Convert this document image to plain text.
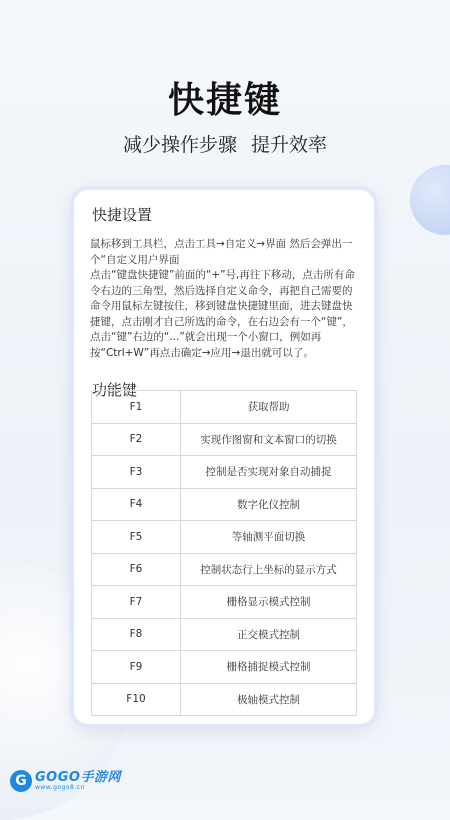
快捷键
减少操作步骤 提升效率
快捷设置
鼠标移到工具栏，点击工具→自定义→界面 然后会弹出一个“自定义用户界面
点击“键盘快捷键”前面的“+”号,再往下移动，点击所有命令右边的三角型，然后选择自定义命令，再把自己需要的命令用鼠标左键按住，移到键盘快捷键里面，进去键盘快捷键，点击刚才自己所选的命令，在右边会有一个“键”，点击“键”右边的“...”就会出现一个小窗口，例如再按“Ctrl+W”再点击确定→应用→退出就可以了。
功能键
F1	获取帮助
F2	实现作图窗和文本窗口的切换
F3	控制是否实现对象自动捕捉
F4	数字化仪控制
F5	等轴测平面切换
F6	控制状态行上坐标的显示方式
F7	栅格显示模式控制
F8	正交模式控制
F9	栅格捕捉模式控制
F10	极轴模式控制
G GOGO手游网
www.gogo8.cn
